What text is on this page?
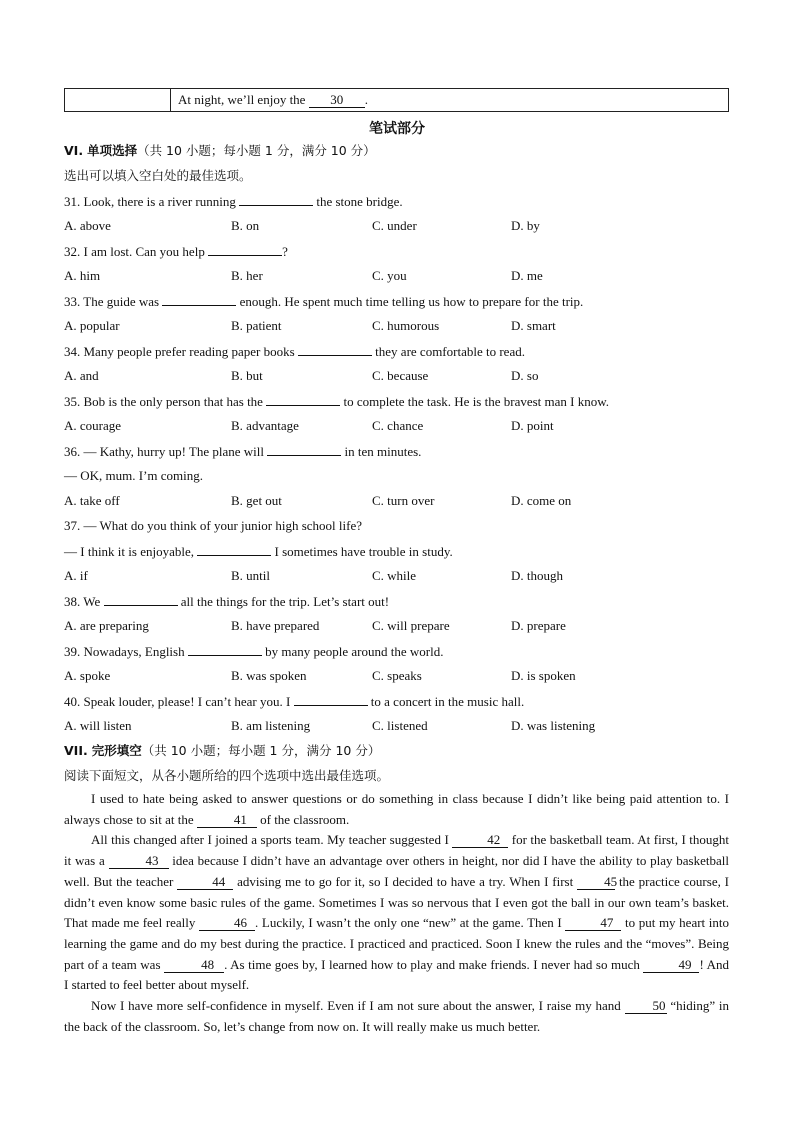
At night, we’ll enjoy the 30 .
笔试部分
VI. 单项选择（共 10 小题；每小题 1 分，满分 10 分）
选出可以填入空白处的最佳选项。
31. Look, there is a river running	the stone bridge.
A. above	B. on	C. under	D. by
32. I am lost. Can you help	?
A. him	B. her	C. you	D. me
33. The guide was	enough. He spent much time telling us how to prepare for the trip.
A. popular	B. patient	C. humorous	D. smart
34. Many people prefer reading paper books	they are comfortable to read.
A. and	B. but	C. because	D. so
35. Bob is the only person that has the	to complete the task. He is the bravest man I know.
A. courage	B. advantage	C. chance	D. point
36. — Kathy, hurry up! The plane will	in ten minutes.
— OK, mum. I’m coming.
A. take off	B. get out	C. turn over	D. come on
37. — What do you think of your junior high school life?
— I think it is enjoyable,	I sometimes have trouble in study.
A. if	B. until	C. while	D. though
38. We	all the things for the trip. Let’s start out!
A. are preparing	B. have prepared	C. will prepare	D. prepare
39. Nowadays, English	by many people around the world.
A. spoke	B. was spoken	C. speaks	D. is spoken
40. Speak louder, please! I can’t hear you. I	to a concert in the music hall.
A. will listen	B. am listening	C. listened	D. was listening
VII. 完形填空（共 10 小题；每小题 1 分，满分 10 分）
阅读下面短文，从各小题所给的四个选项中选出最佳选项。

I used to hate being asked to answer questions or do something in class because I didn’t like being paid attention to. I always chose to sit at the	41 of the classroom.

All this changed after I joined a sports team. My teacher suggested I	42 for the basketball team. At first, I thought it was a	43 idea because I didn’t have an advantage over others in height, nor did I have the ability to play basketball well. But the teacher	44 advising me to go for it, so I decided to have a try. When I first 45 the practice course, I didn’t even know some basic rules of the game. Sometimes I was so nervous that I even got the ball in our own team’s basket. That made me feel really	46 . Luckily, I wasn’t the only one “new” at the game. Then I	47 to put my heart into learning the game and do my best during the practice. I practiced and practiced. Soon I knew the rules and the “moves”. Being part of a team was	48 . As time goes by, I learned how to play and make friends. I never had so much	49 ! And I started to feel better about myself.

Now I have more self-confidence in myself. Even if I am not sure about the answer, I raise my hand 50 “hiding” in the back of the classroom. So, let’s change from now on. It will really make us much better.
